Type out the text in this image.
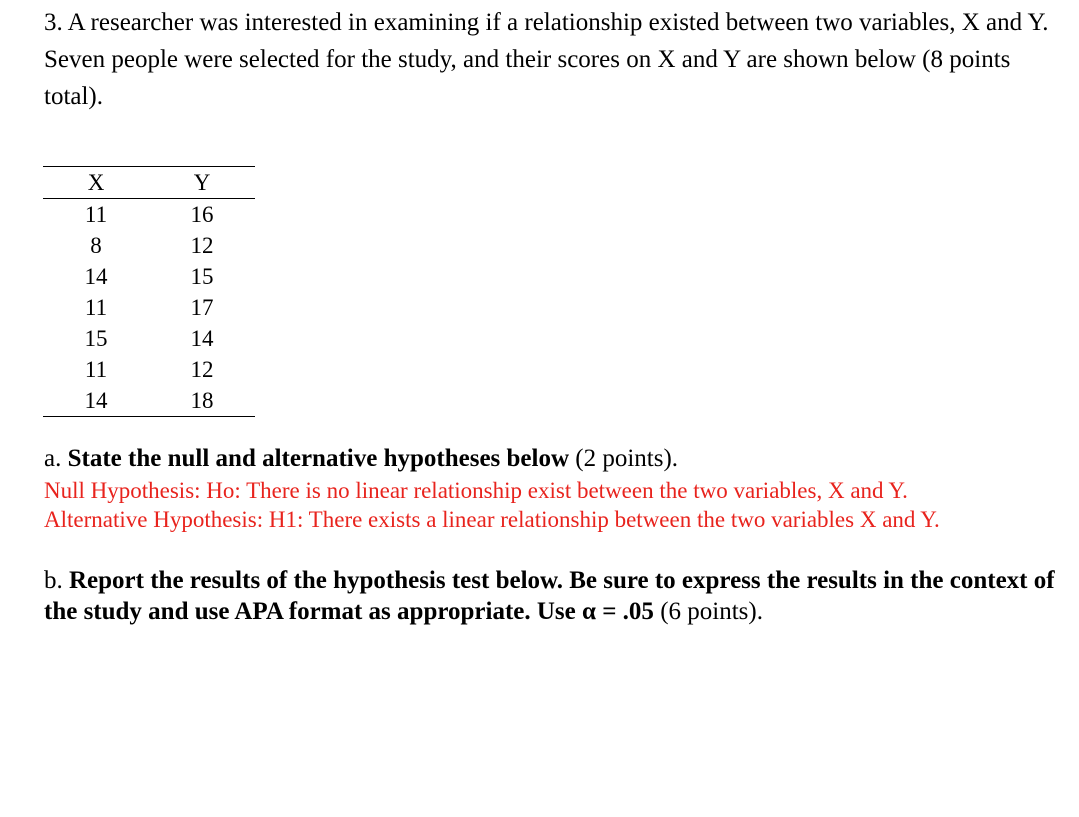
3. A researcher was interested in examining if a relationship existed between two variables, X and Y. Seven people were selected for the study, and their scores on X and Y are shown below (8 points total).

X	Y
11	16
8	12
14	15
11	17
15	14
11	12
14	18

a. State the null and alternative hypotheses below (2 points).

Null Hypothesis: Ho: There is no linear relationship exist between the two variables, X and Y.

Alternative Hypothesis: H1: There exists a linear relationship between the two variables X and Y.

b. Report the results of the hypothesis test below. Be sure to express the results in the context of the study and use APA format as appropriate. Use α = .05 (6 points).
